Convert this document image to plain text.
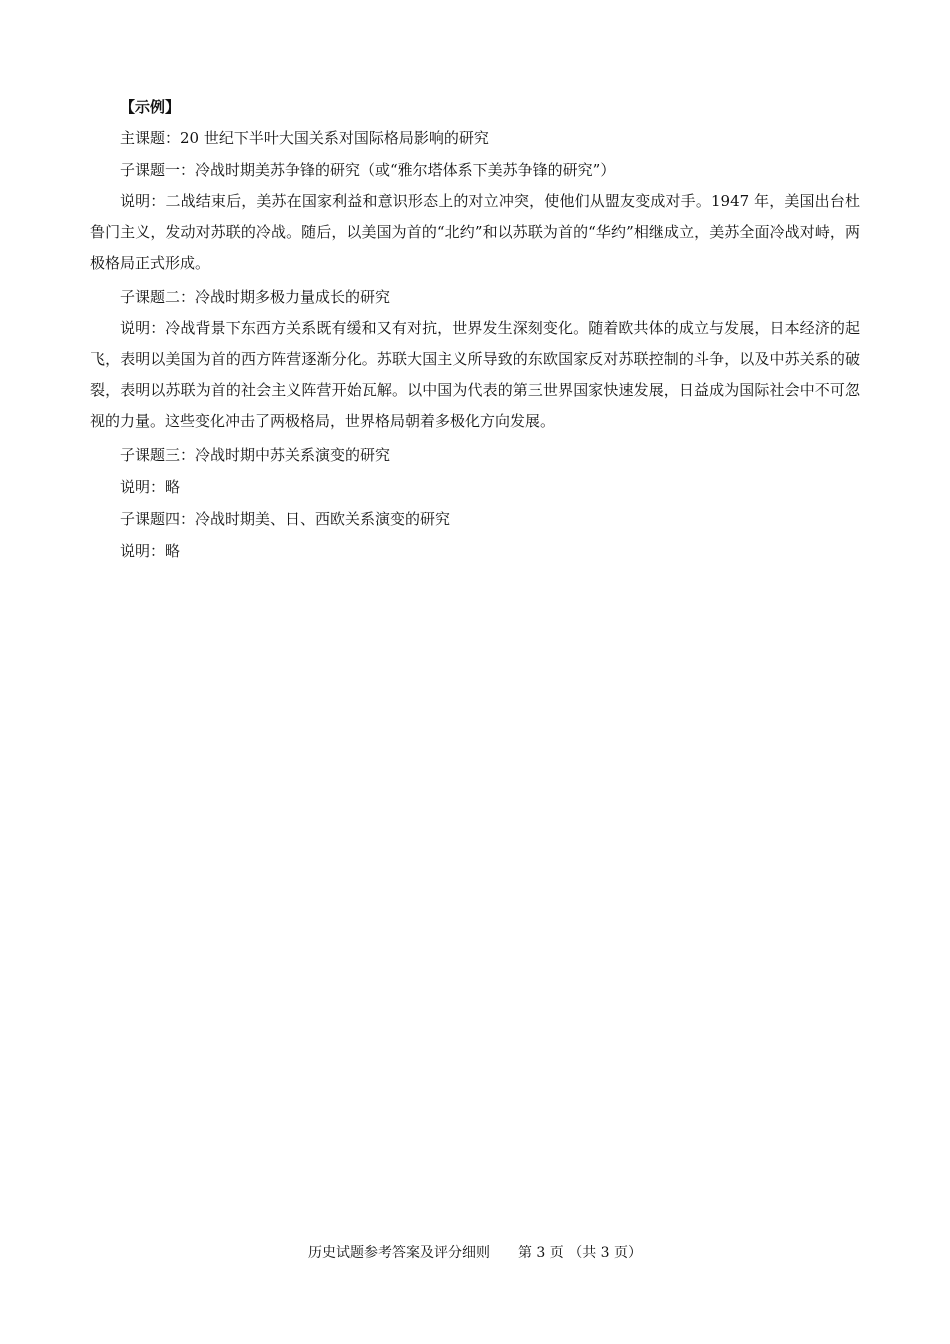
【示例】
主课题：20 世纪下半叶大国关系对国际格局影响的研究
子课题一：冷战时期美苏争锋的研究（或“雅尔塔体系下美苏争锋的研究”）
说明：二战结束后，美苏在国家利益和意识形态上的对立冲突，使他们从盟友变成对手。1947 年，美国出台杜鲁门主义，发动对苏联的冷战。随后，以美国为首的“北约”和以苏联为首的“华约”相继成立，美苏全面冷战对峙，两极格局正式形成。
子课题二：冷战时期多极力量成长的研究
说明：冷战背景下东西方关系既有缓和又有对抗，世界发生深刻变化。随着欧共体的成立与发展，日本经济的起飞，表明以美国为首的西方阵营逐渐分化。苏联大国主义所导致的东欧国家反对苏联控制的斗争，以及中苏关系的破裂，表明以苏联为首的社会主义阵营开始瓦解。以中国为代表的第三世界国家快速发展，日益成为国际社会中不可忽视的力量。这些变化冲击了两极格局，世界格局朝着多极化方向发展。
子课题三：冷战时期中苏关系演变的研究
说明：略
子课题四：冷战时期美、日、西欧关系演变的研究
说明：略
历史试题参考答案及评分细则 第 3 页 （共 3 页）
